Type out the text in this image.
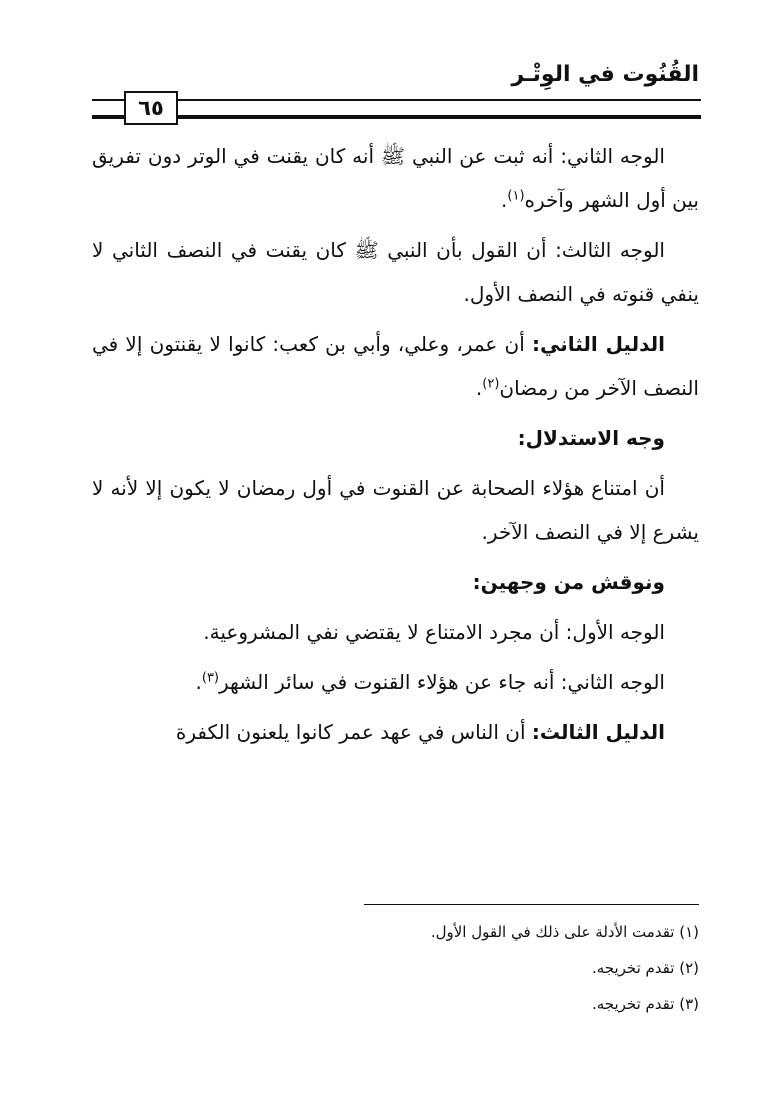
القُنُوت في الوِتْـر
٦٥

الوجه الثاني: أنه ثبت عن النبي ﷺ أنه كان يقنت في الوتر دون تفريق بين أول الشهر وآخره$^{(١)}$.

الوجه الثالث: أن القول بأن النبي ﷺ كان يقنت في النصف الثاني لا ينفي قنوته في النصف الأول.

الدليل الثاني: أن عمر، وعلي، وأبي بن كعب: كانوا لا يقنتون إلا في النصف الآخر من رمضان$^{(٢)}$.

وجه الاستدلال:

أن امتناع هؤلاء الصحابة عن القنوت في أول رمضان لا يكون إلا لأنه لا يشرع إلا في النصف الآخر.

ونوقش من وجهين:

الوجه الأول: أن مجرد الامتناع لا يقتضي نفي المشروعية.

الوجه الثاني: أنه جاء عن هؤلاء القنوت في سائر الشهر$^{(٣)}$.

الدليل الثالث: أن الناس في عهد عمر كانوا يلعنون الكفرة

(١) تقدمت الأدلة على ذلك في القول الأول.
(٢) تقدم تخريجه.
(٣) تقدم تخريجه.
